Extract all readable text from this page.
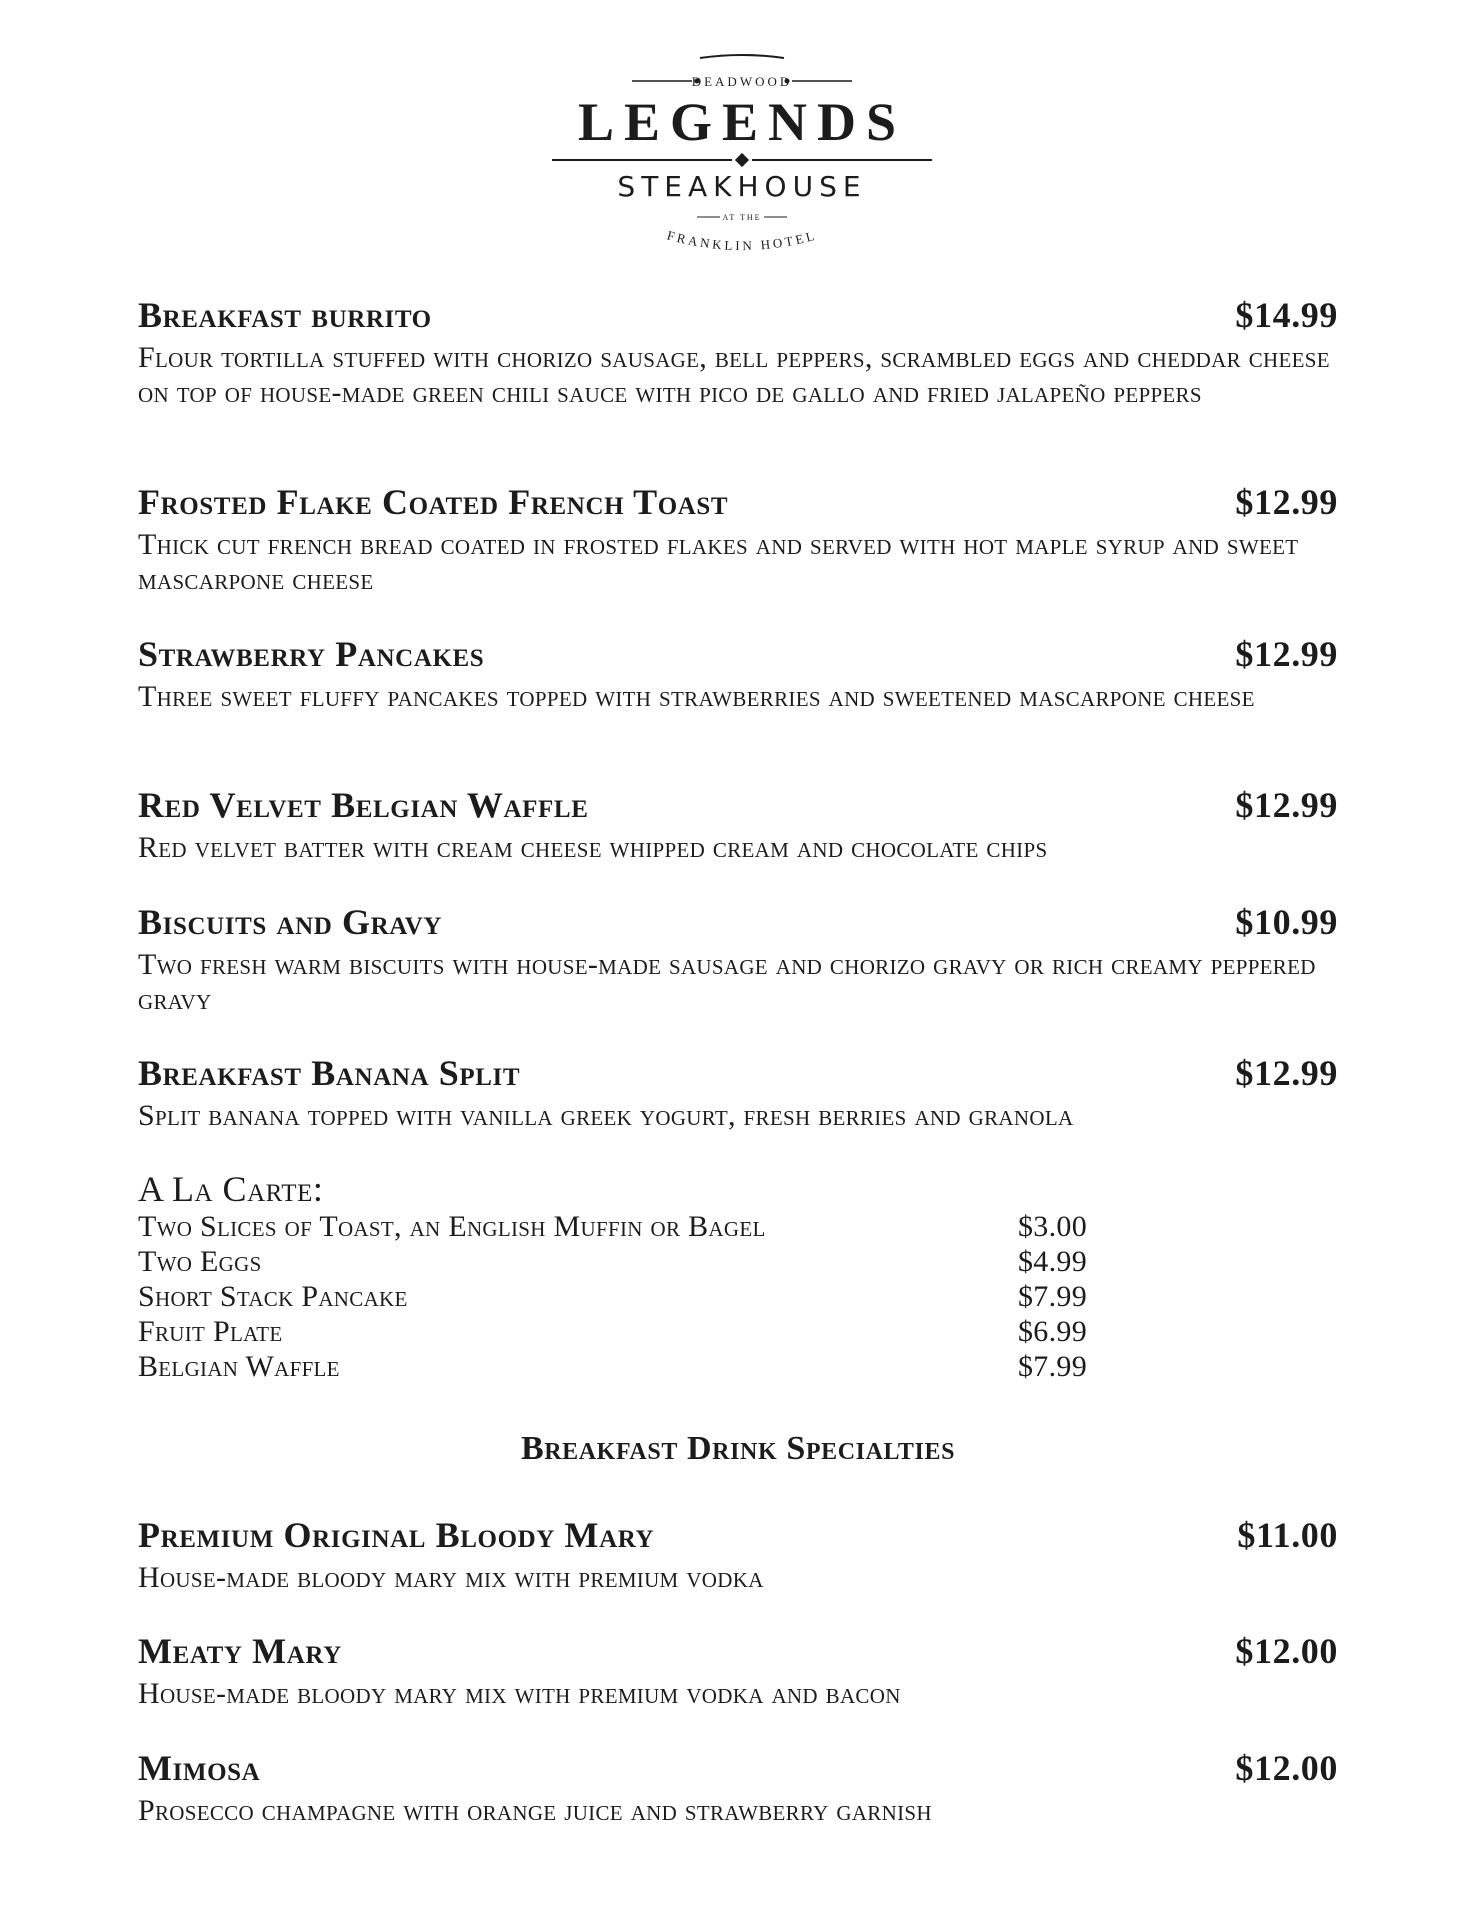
DEADWOOD
LEGENDS
STEAKHOUSE
AT THE
FRANKLIN HOTEL
Breakfast burrito	$14.99
Flour tortilla stuffed with chorizo sausage, bell peppers, scrambled eggs and cheddar cheese on top of house-made green chili sauce with pico de gallo and fried jalapeño peppers
Frosted Flake Coated French Toast	$12.99
Thick cut french bread coated in frosted flakes and served with hot maple syrup and sweet mascarpone cheese
Strawberry Pancakes	$12.99
Three sweet fluffy pancakes topped with strawberries and sweetened mascarpone cheese
Red Velvet Belgian Waffle	$12.99
Red velvet batter with cream cheese whipped cream and chocolate chips
Biscuits and Gravy	$10.99
Two fresh warm biscuits with house-made sausage and chorizo gravy or rich creamy peppered gravy
Breakfast Banana Split	$12.99
Split banana topped with vanilla greek yogurt, fresh berries and granola
A La Carte:
Two Slices of Toast, an English Muffin or Bagel	$3.00
Two Eggs	$4.99
Short Stack Pancake	$7.99
Fruit Plate	$6.99
Belgian Waffle	$7.99
Breakfast Drink Specialties
Premium Original Bloody Mary	$11.00
House-made bloody mary mix with premium vodka
Meaty Mary	$12.00
House-made bloody mary mix with premium vodka and bacon
Mimosa	$12.00
Prosecco champagne with orange juice and strawberry garnish
